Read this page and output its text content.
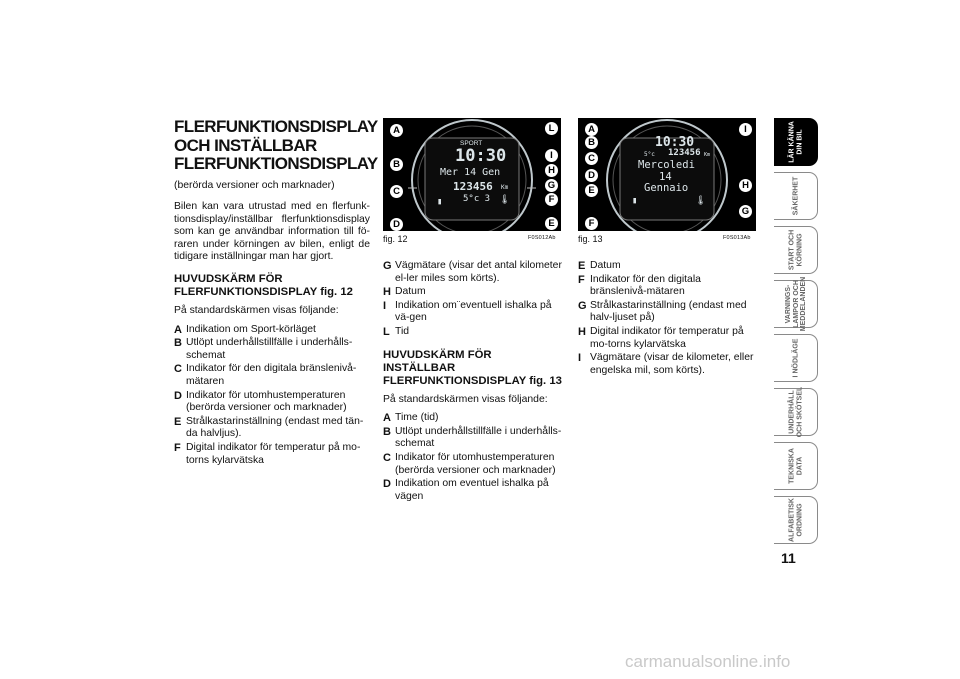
FLERFUNKTIONSDISPLAY

OCH INSTÄLLBAR

FLERFUNKTIONSDISPLAY

(berörda versioner och marknader)

Bilen kan vara utrustad med en flerfunk-tionsdisplay/inställbar flerfunktionsdisplay som kan ge användbar information till fö-raren under körningen av bilen, enligt de tidigare inställningar man har gjort.

HUVUDSKÄRM FÖR FLERFUNKTIONSDISPLAY fig. 12

På standardskärmen visas följande:

A Indikation om Sport-körläget
B Utlöpt underhållstillfälle i underhålls-schemat
C Indikator för den digitala bränslenivå-mätaren
D Indikator för utomhustemperaturen (berörda versioner och marknader)
E Strålkastarinställning (endast med tän-da halvljus).
F Digital indikator för temperatur på mo-torns kylarvätska
A
B
C
D
L
I
H
G
F
E
SPORT
10:30
Mer 14 Gen
123456 Km
5°c 3
▮	🌡
fig. 12	F0S012Ab
A
B
C
D
E
F
I
H
G
10:30
5°c 123456 Km
Mercoledi
14
Gennaio
▮	🌡
fig. 13	F0S013Ab
G Vägmätare (visar det antal kilometer el-ler miles som körts).
H Datum
I Indikation om¨eventuell ishalka på vä-gen
L Tid

HUVUDSKÄRM FÖR INSTÄLLBAR FLERFUNKTIONSDISPLAY fig. 13

På standardskärmen visas följande:

A Time (tid)
B Utlöpt underhållstillfälle i underhålls-schemat
C Indikator för utomhustemperaturen (berörda versioner och marknader)
D Indikation om eventuel ishalka på vägen
E Datum
F Indikator för den digitala bränslenivå-mätaren
G Strålkastarinställning (endast med halv-ljuset på)
H Digital indikator för temperatur på mo-torns kylarvätska
I Vägmätare (visar de kilometer, eller engelska mil, som körts).
LÄR KÄNNA
DIN BIL
SÄKERHET
START OCH
KÖRNING
VARNINGS-
LAMPOR OCH
MEDDELANDEN
I NÖDLÄGE
UNDERHÅLL
OCH SKÖTSEL
TEKNISKA
DATA
ALFABETISK
ORDNING
11
carmanualsonline.info
